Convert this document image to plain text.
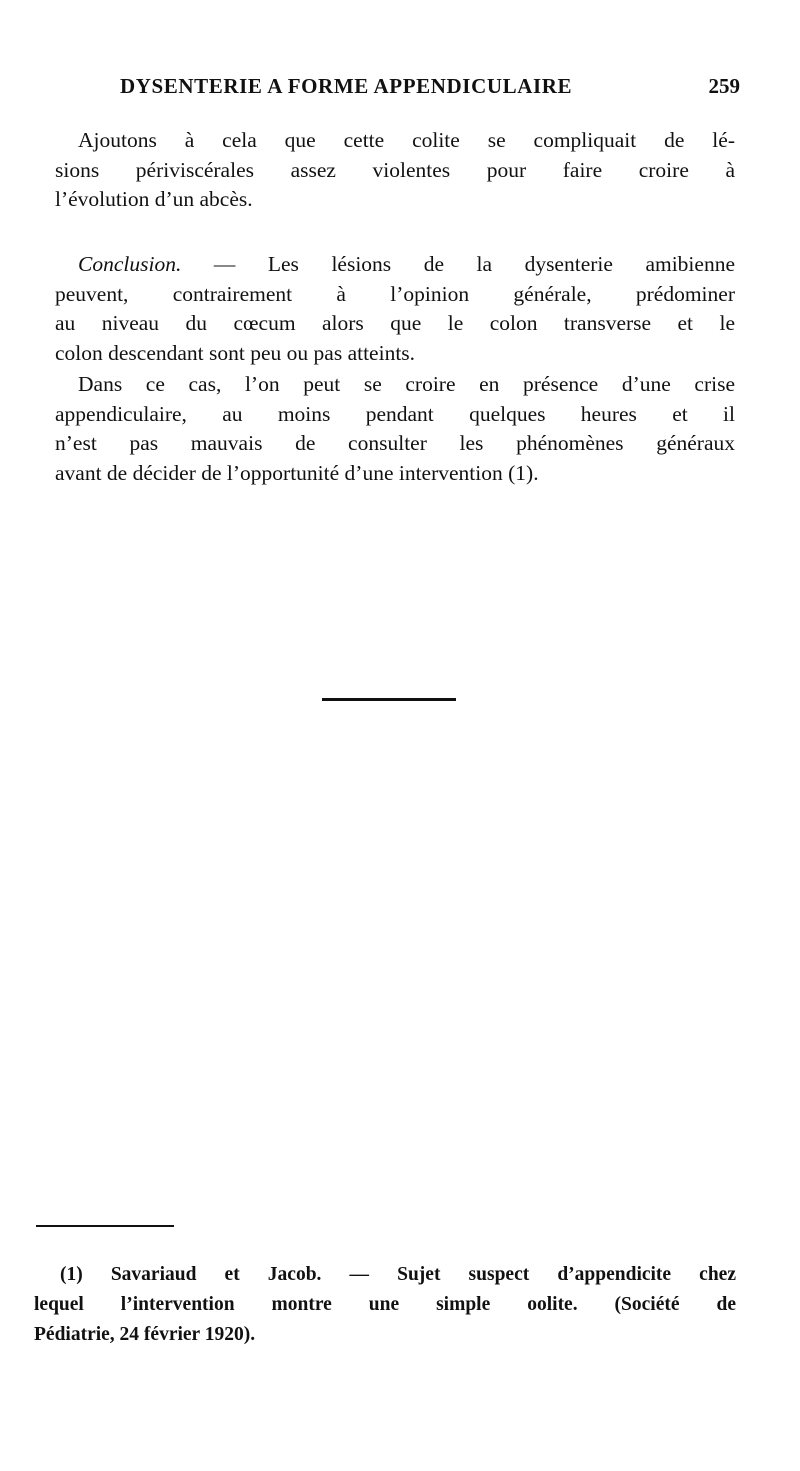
DYSENTERIE A FORME APPENDICULAIRE	259
Ajoutons à cela que cette colite se compliquait de lé-
sions périviscérales assez violentes pour faire croire à
l’évolution d’un abcès.
Conclusion. — Les lésions de la dysenterie amibienne
peuvent, contrairement à l’opinion générale, prédominer
au niveau du cœcum alors que le colon transverse et le
colon descendant sont peu ou pas atteints.
Dans ce cas, l’on peut se croire en présence d’une crise
appendiculaire, au moins pendant quelques heures et il
n’est pas mauvais de consulter les phénomènes généraux
avant de décider de l’opportunité d’une intervention (1).
(1) Savariaud et Jacob. — Sujet suspect d’appendicite chez
lequel l’intervention montre une simple oolite. (Société de
Pédiatrie, 24 février 1920).
